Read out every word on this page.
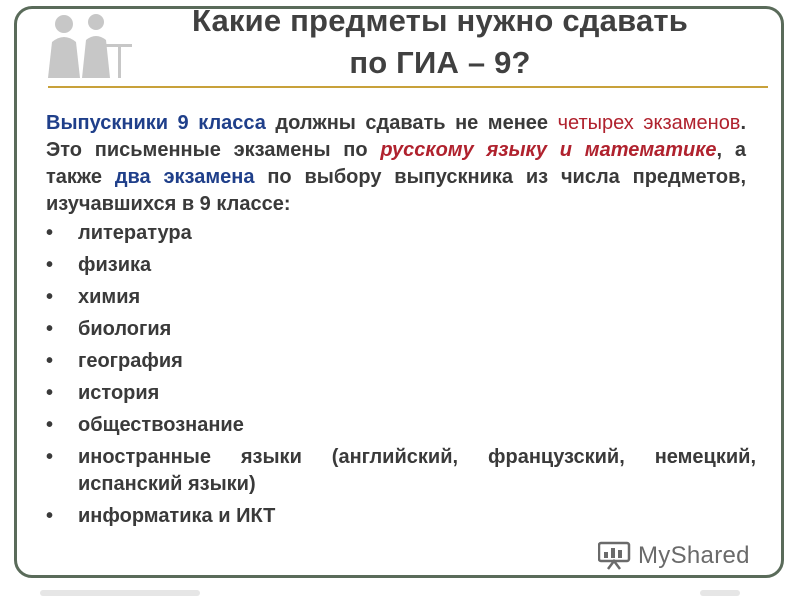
Какие предметы нужно сдавать
по ГИА – 9?
Выпускники 9 класса должны сдавать не менее четырех экзаменов. Это письменные экзамены по русскому языку и математике, а также два экзамена по выбору выпускника из числа предметов, изучавшихся в 9 классе:
•	литература
•	физика
•	химия
•	биология
•	география
•	история
•	обществознание
•	иностранные языки (английский, французский, немецкий, испанский языки)
•	информатика и ИКТ
MyShared
